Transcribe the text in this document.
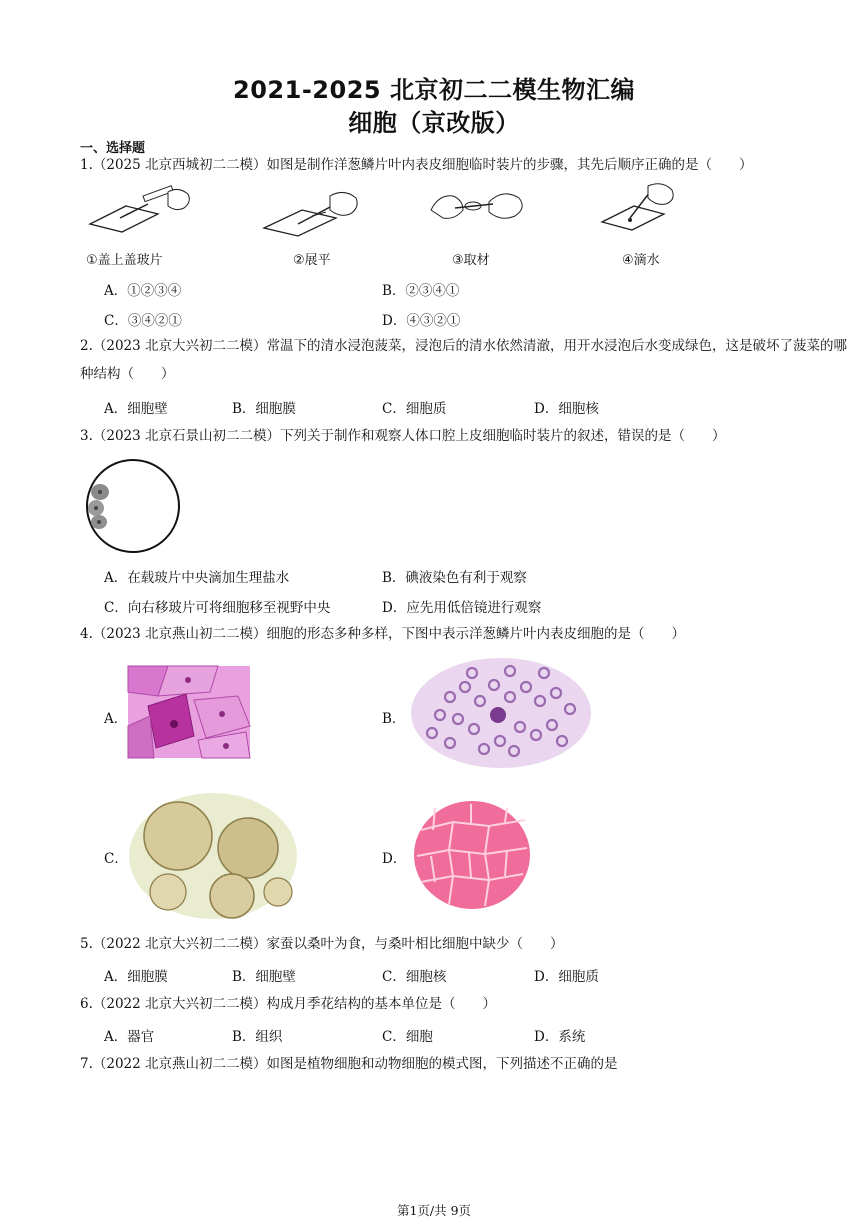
2021-2025 北京初二二模生物汇编
细胞（京改版）
一、选择题
1.（2025 北京西城初二二模）如图是制作洋葱鳞片叶内表皮细胞临时装片的步骤，其先后顺序正确的是（　　）
①盖上盖玻片	②展平	③取材	④滴水
A．①②③④	B．②③④①
C．③④②①	D．④③②①
2.（2023 北京大兴初二二模）常温下的清水浸泡菠菜，浸泡后的清水依然清澈，用开水浸泡后水变成绿色，这是破坏了菠菜的哪种结构（　　）
A．细胞壁	B．细胞膜	C．细胞质	D．细胞核
3.（2023 北京石景山初二二模）下列关于制作和观察人体口腔上皮细胞临时装片的叙述，错误的是（　　）
A．在载玻片中央滴加生理盐水	B．碘液染色有利于观察
C．向右移玻片可将细胞移至视野中央	D．应先用低倍镜进行观察
4.（2023 北京燕山初二二模）细胞的形态多种多样，下图中表示洋葱鳞片叶内表皮细胞的是（　　）
A．	B．
C．	D．
5.（2022 北京大兴初二二模）家蚕以桑叶为食，与桑叶相比细胞中缺少（　　）
A．细胞膜	B．细胞壁	C．细胞核	D．细胞质
6.（2022 北京大兴初二二模）构成月季花结构的基本单位是（　　）
A．器官	B．组织	C．细胞	D．系统
7.（2022 北京燕山初二二模）如图是植物细胞和动物细胞的模式图，下列描述不正确的是
第1页/共 9页
